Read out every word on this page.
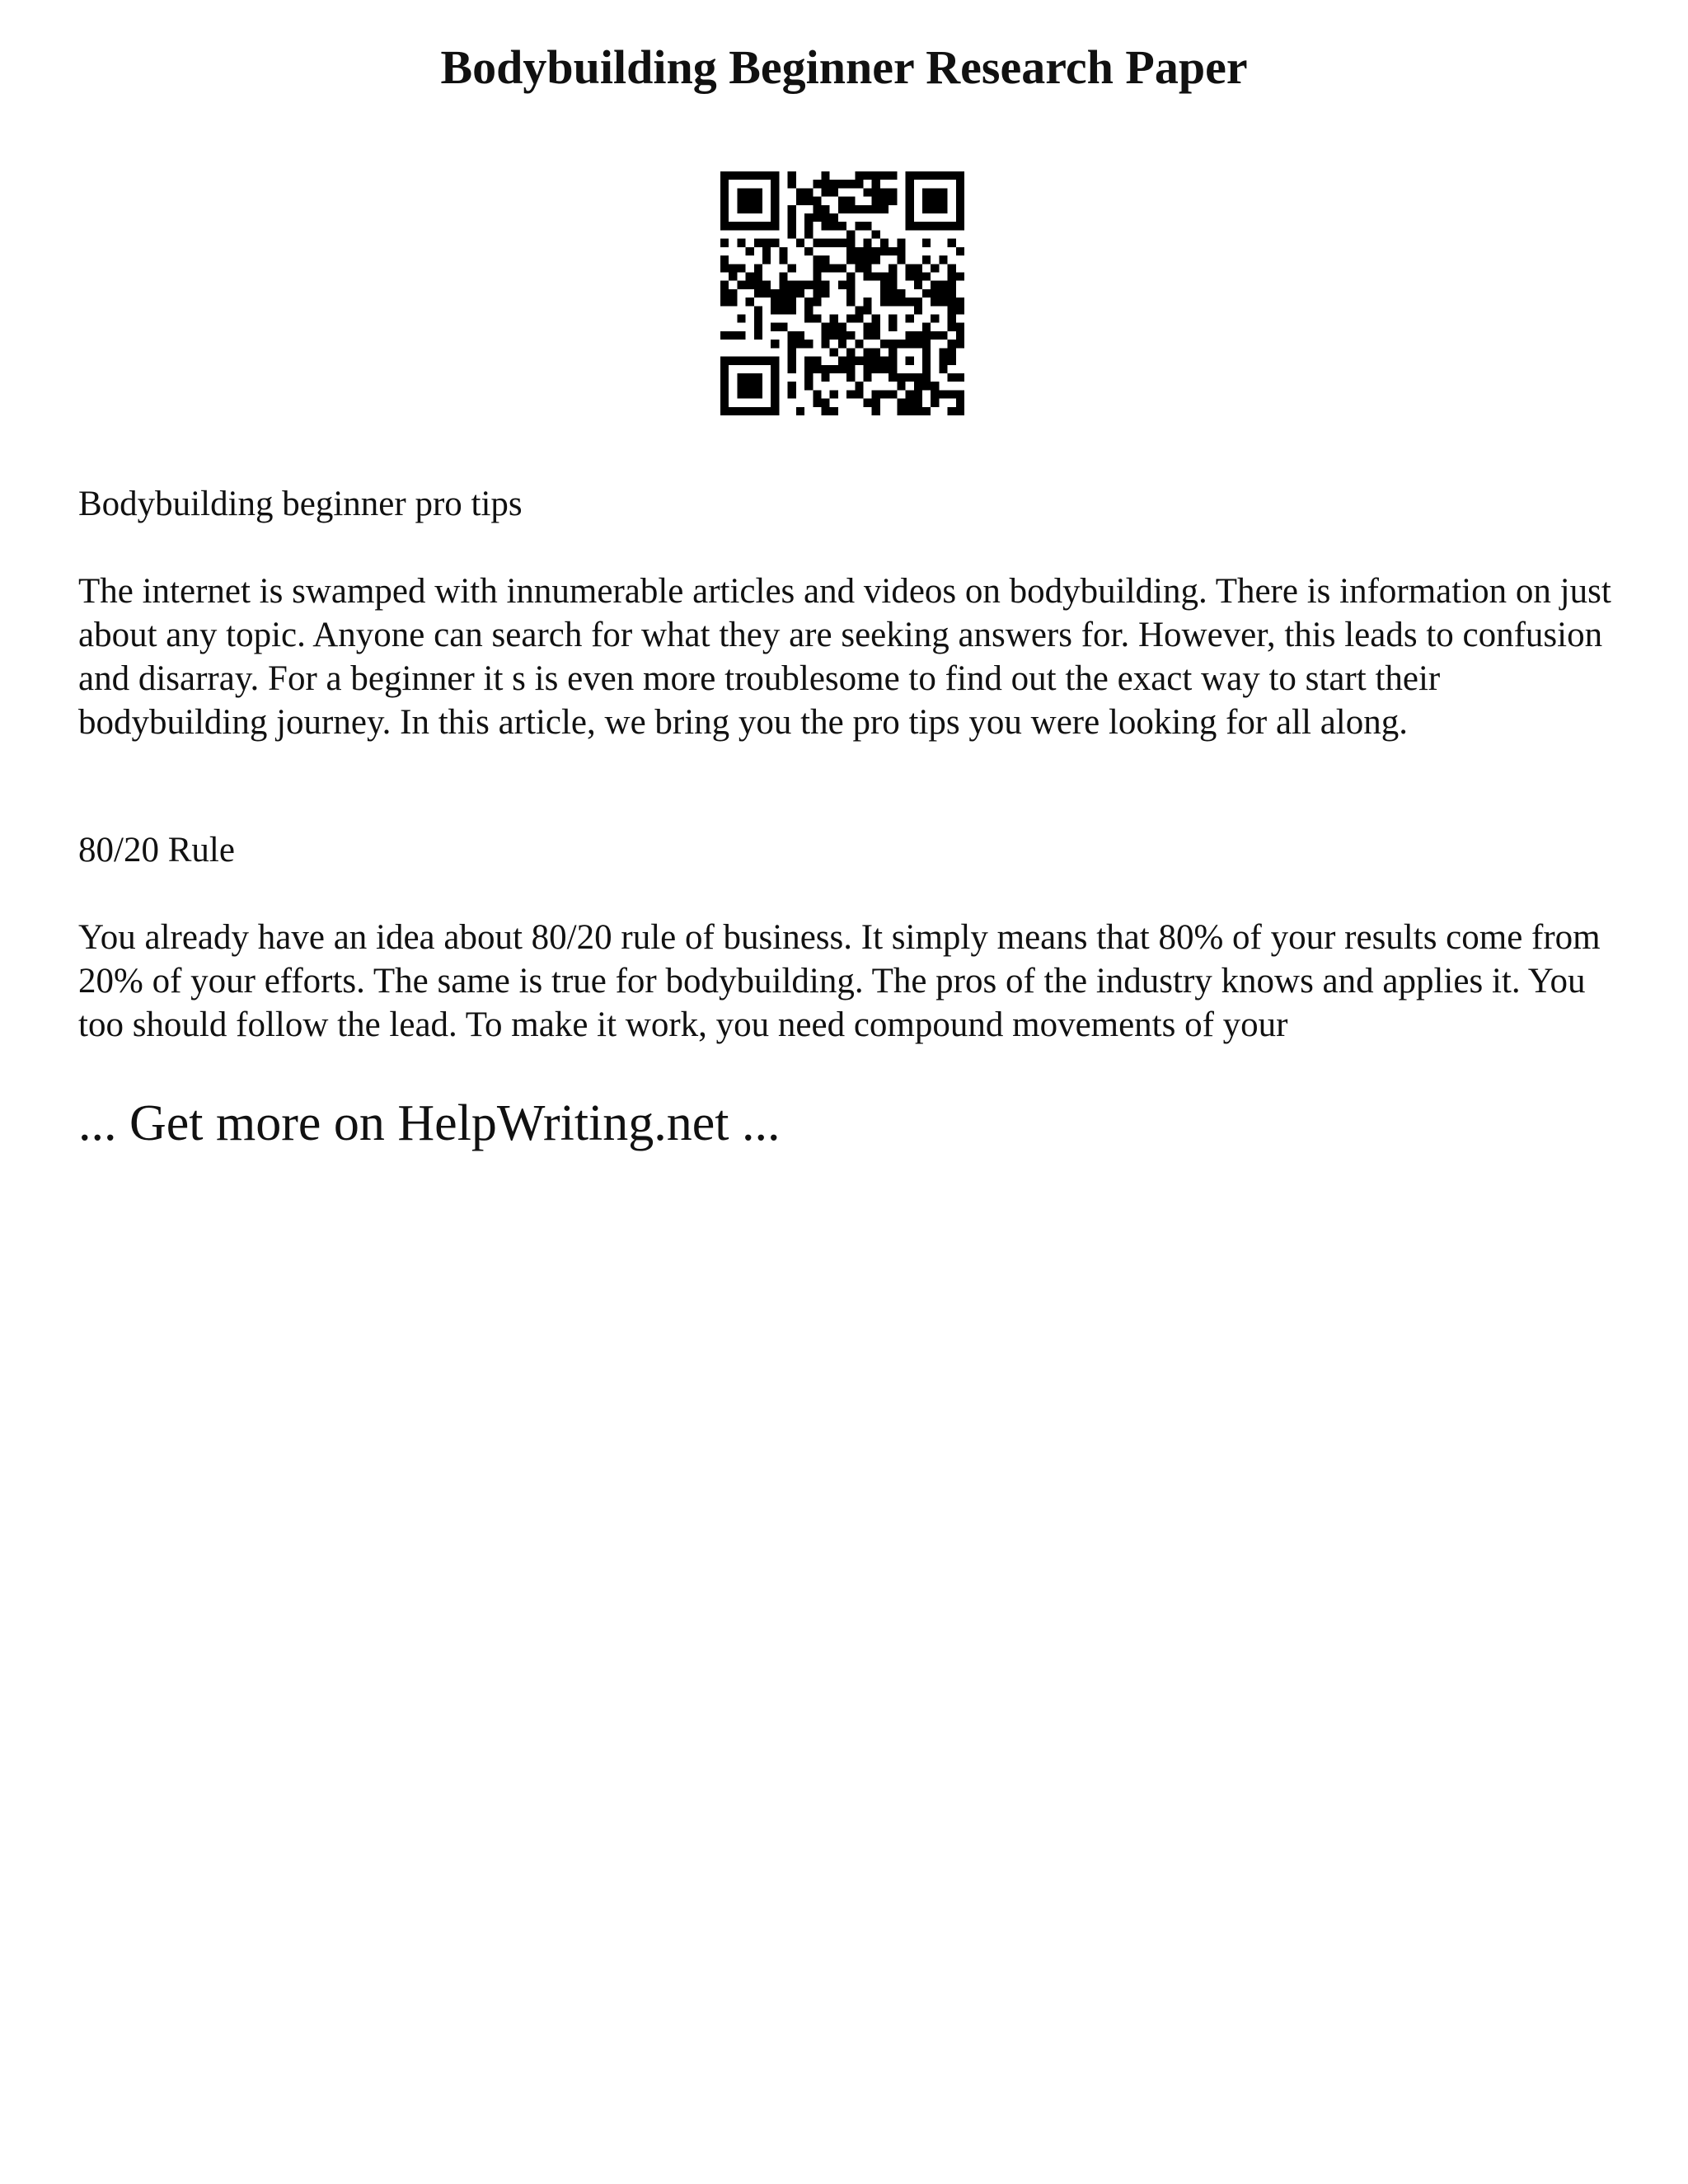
Bodybuilding Beginner Research Paper

Bodybuilding beginner pro tips

The internet is swamped with innumerable articles and videos on bodybuilding. There is information on just about any topic. Anyone can search for what they are seeking answers for. However, this leads to confusion and disarray. For a beginner it s is even more troublesome to find out the exact way to start their bodybuilding journey. In this article, we bring you the pro tips you were looking for all along.

80/20 Rule

You already have an idea about 80/20 rule of business. It simply means that 80% of your results come from 20% of your efforts. The same is true for bodybuilding. The pros of the industry knows and applies it. You too should follow the lead. To make it work, you need compound movements of your

... Get more on HelpWriting.net ...
